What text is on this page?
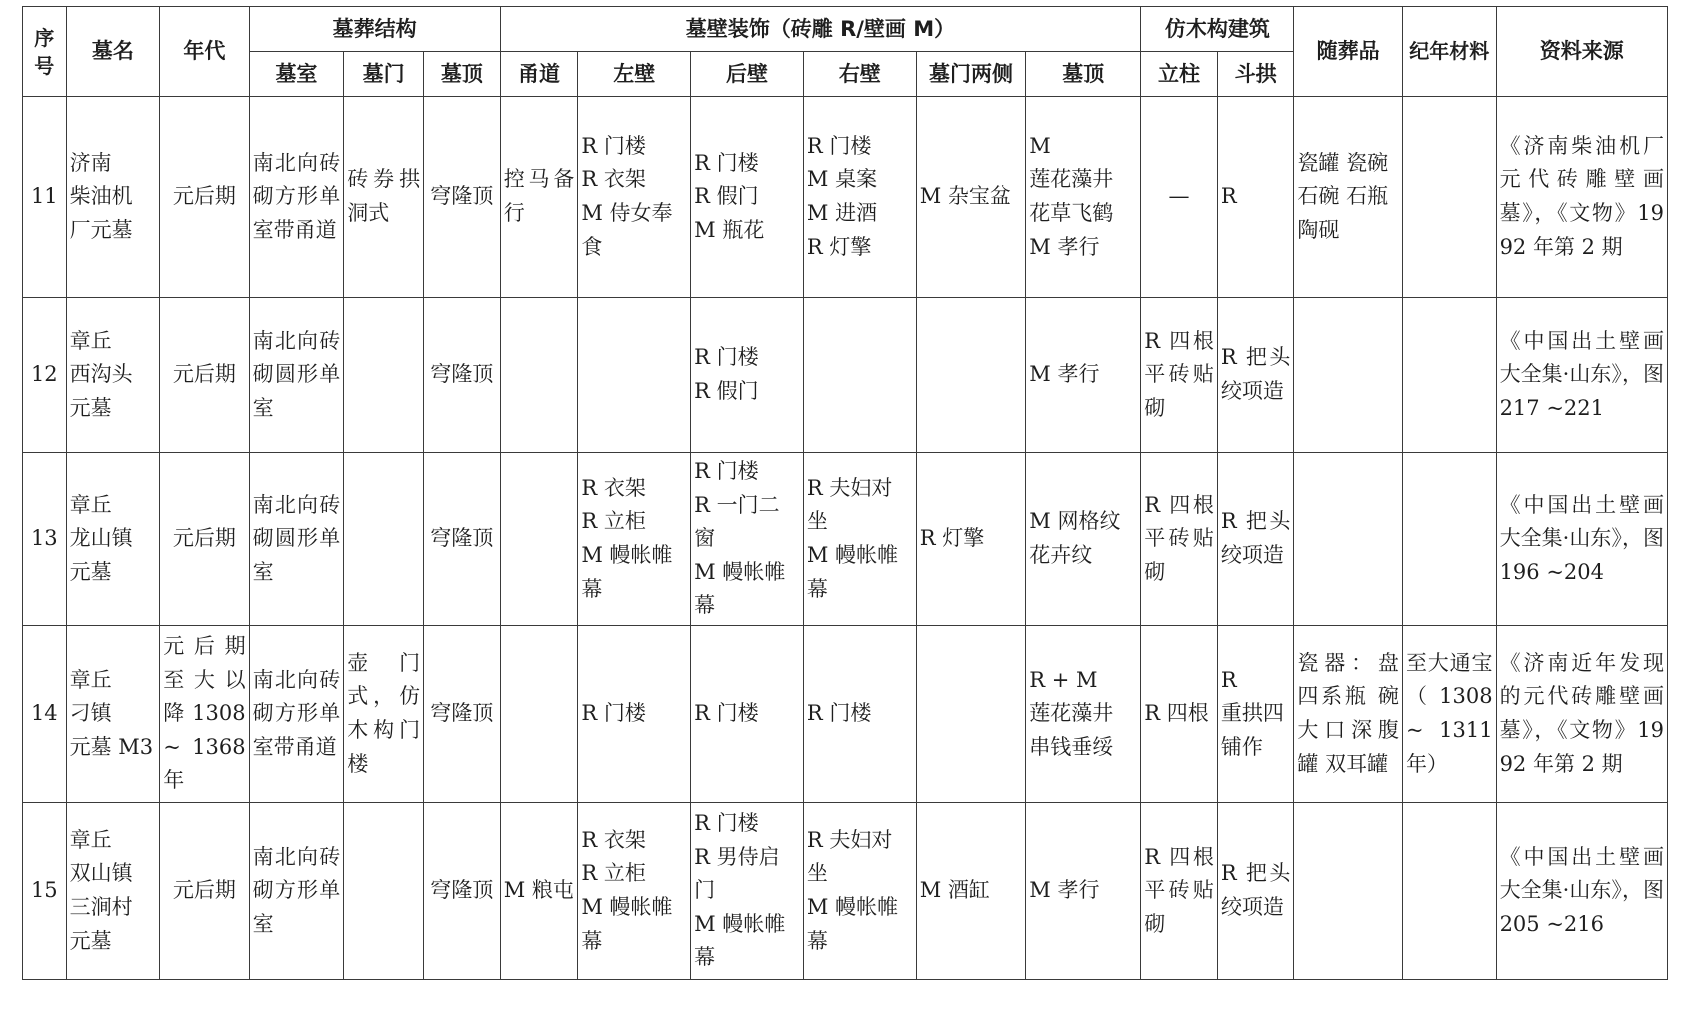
序号	墓名	年代	墓葬结构			墓壁装饰（砖雕 R/壁画 M）						仿木构建筑		随葬品	纪年材料	资料来源
			墓室	墓门	墓顶	甬道	左壁	后壁	右壁	墓门两侧	墓顶	立柱	斗拱			
11	济南
柴油机
厂元墓	元后期	南北向砖砌方形单室带甬道	砖券拱洞式	穹隆顶	控马备行	R 门楼
R 衣架
M 侍女奉食	R 门楼
R 假门
M 瓶花	R 门楼
M 桌案
M 进酒
R 灯擎	M 杂宝盆	M
莲花藻井
花草飞鹤
M 孝行	—	R	瓷罐 瓷碗
石碗 石瓶
陶砚		《济南柴油机厂元代砖雕壁画墓》，《文物》1992 年第 2 期
12	章丘
西沟头
元墓	元后期	南北向砖砌圆形单室		穹隆顶			R 门楼
R 假门			M 孝行	R 四根平砖贴砌	R 把头绞项造			《中国出土壁画大全集·山东》，图 217 ~221
13	章丘
龙山镇
元墓	元后期	南北向砖砌圆形单室		穹隆顶		R 衣架
R 立柜
M 幔帐帷幕	R 门楼
R 一门二窗
M 幔帐帷幕	R 夫妇对坐
M 幔帐帷幕	R 灯擎	M 网格纹
花卉纹	R 四根平砖贴砌	R 把头绞项造			《中国出土壁画大全集·山东》，图 196 ~204
14	章丘
刁镇
元墓 M3	元后期至大以降 1308 ~ 1368 年	南北向砖砌方形单室带甬道	壶门式，仿木构门楼	穹隆顶		R 门楼	R 门楼	R 门楼		R + M
莲花藻井
串钱垂绥	R 四根	R
重拱四铺作	瓷器：盘 四系瓶 碗 大口深腹 罐 双耳罐	至大通宝（1308 ~ 1311 年）	《济南近年发现的元代砖雕壁画墓》，《文物》1992 年第 2 期
15	章丘
双山镇
三涧村
元墓	元后期	南北向砖砌方形单室		穹隆顶	M 粮屯	R 衣架
R 立柜
M 幔帐帷幕	R 门楼
R 男侍启门
M 幔帐帷幕	R 夫妇对坐
M 幔帐帷幕	M 酒缸	M 孝行	R 四根平砖贴砌	R 把头绞项造			《中国出土壁画大全集·山东》，图 205 ~216
